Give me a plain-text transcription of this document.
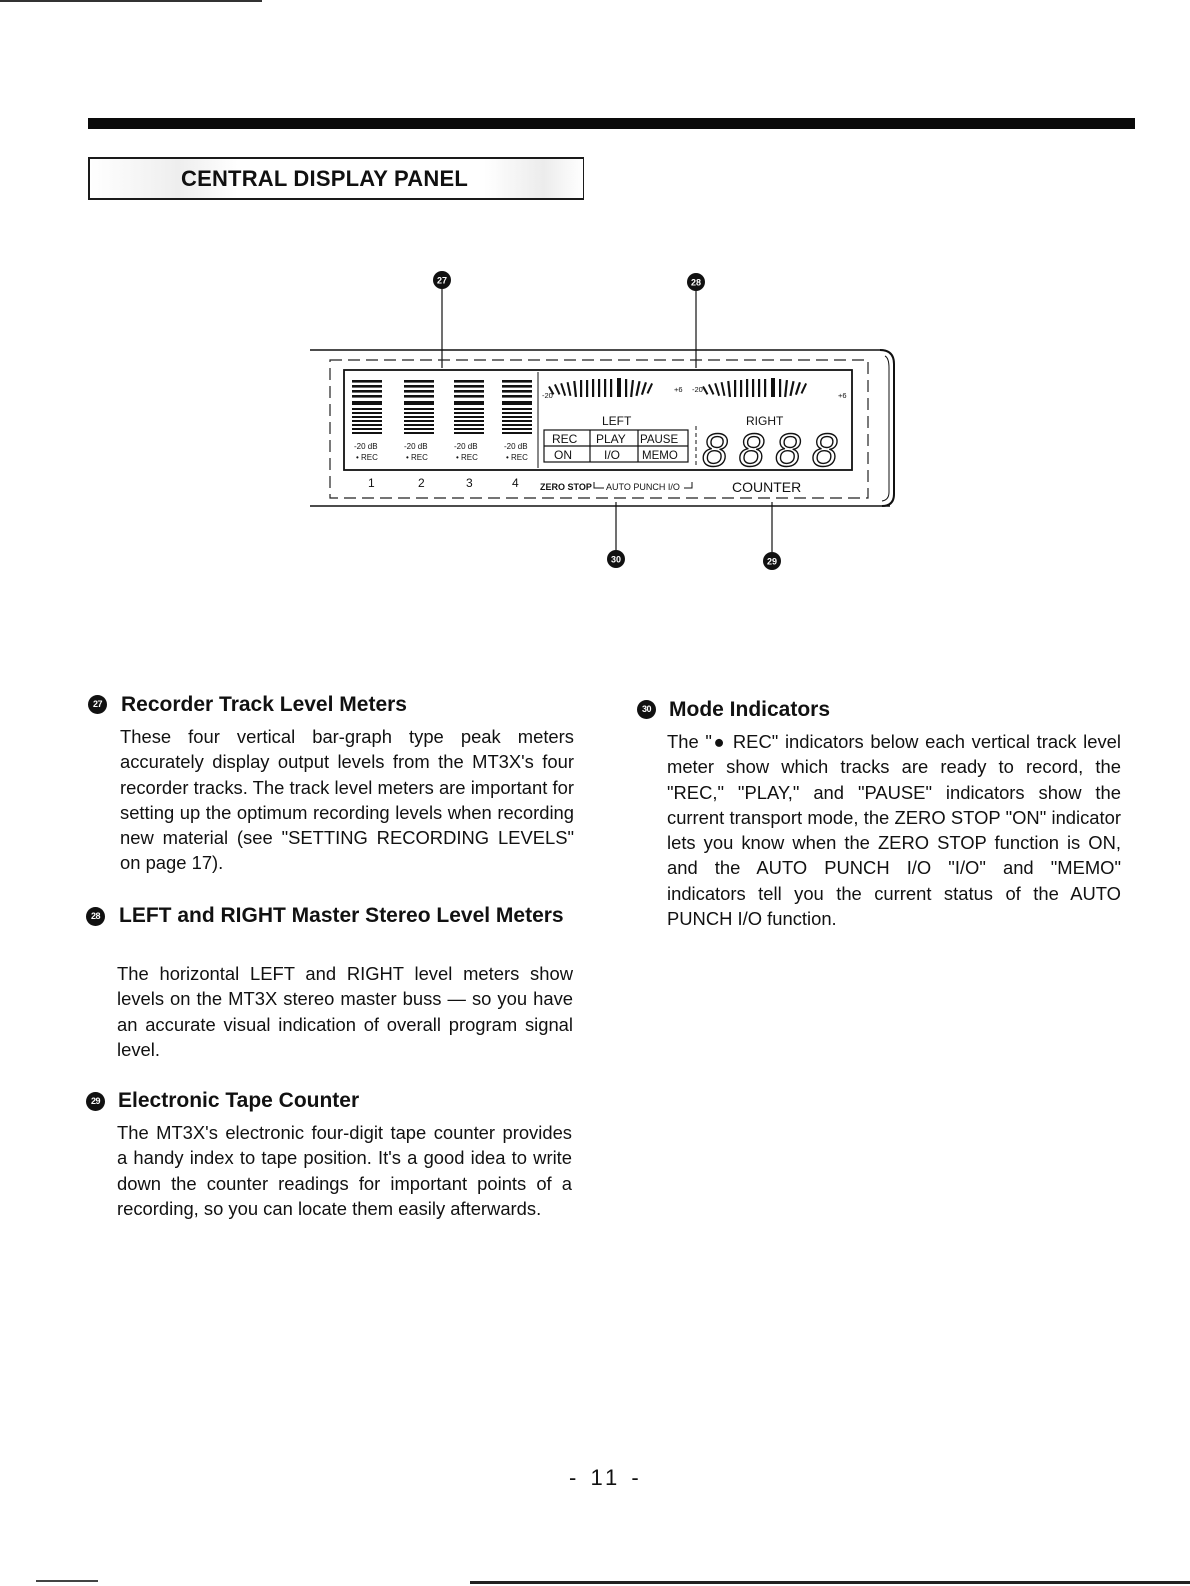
CENTRAL DISPLAY PANEL
-20 dB	-20 dB	-20 dB	-20 dB
• REC	• REC	• REC	• REC
1	2	3	4
-20
+6 -20
+6
LEFT	RIGHT
REC PLAY PAUSE
ON	I/O MEMO 8888
ZERO STOP AUTO PUNCH I/O	COUNTER
27	28
29
30
27 Recorder Track Level Meters
These four vertical bar-graph type peak meters accurately display output levels from the MT3X's four recorder tracks. The track level meters are important for setting up the optimum recording levels when recording new material (see "SETTING RECORDING LEVELS" on page 17).
28 LEFT and RIGHT Master Stereo Level Meters
The horizontal LEFT and RIGHT level meters show levels on the MT3X stereo master buss — so you have an accurate visual indication of overall program signal level.
29 Electronic Tape Counter
The MT3X's electronic four-digit tape counter provides a handy index to tape position. It's a good idea to write down the counter readings for important points of a recording, so you can locate them easily afterwards.
30 Mode Indicators
The "● REC" indicators below each vertical track level meter show which tracks are ready to record, the "REC," "PLAY," and "PAUSE" indicators show the current transport mode, the ZERO STOP "ON" indicator lets you know when the ZERO STOP function is ON, and the AUTO PUNCH I/O "I/O" and "MEMO" indicators tell you the current status of the AUTO PUNCH I/O function.
- 11 -
